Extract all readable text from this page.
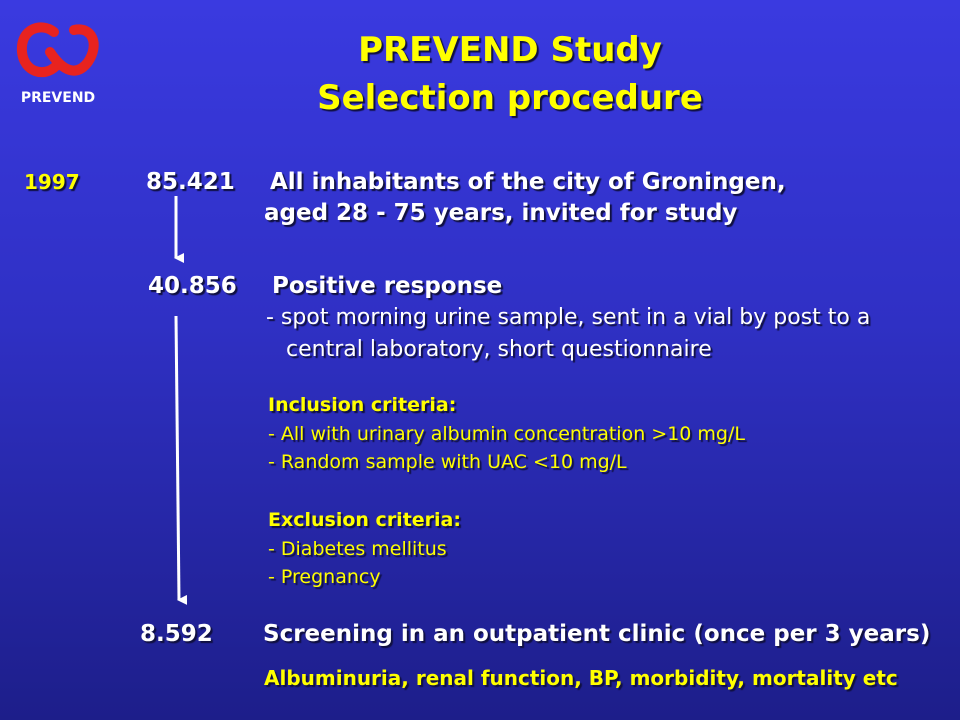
PREVEND
PREVEND Study
Selection procedure
1997	85.421 All inhabitants of the city of Groningen,
aged 28 - 75 years, invited for study
40.856 Positive response
- spot morning urine sample, sent in a vial by post to a
central laboratory, short questionnaire
Inclusion criteria:
- All with urinary albumin concentration >10 mg/L
- Random sample with UAC <10 mg/L
Exclusion criteria:
- Diabetes mellitus
- Pregnancy
8.592 Screening in an outpatient clinic (once per 3 years)
Albuminuria, renal function, BP, morbidity, mortality etc
